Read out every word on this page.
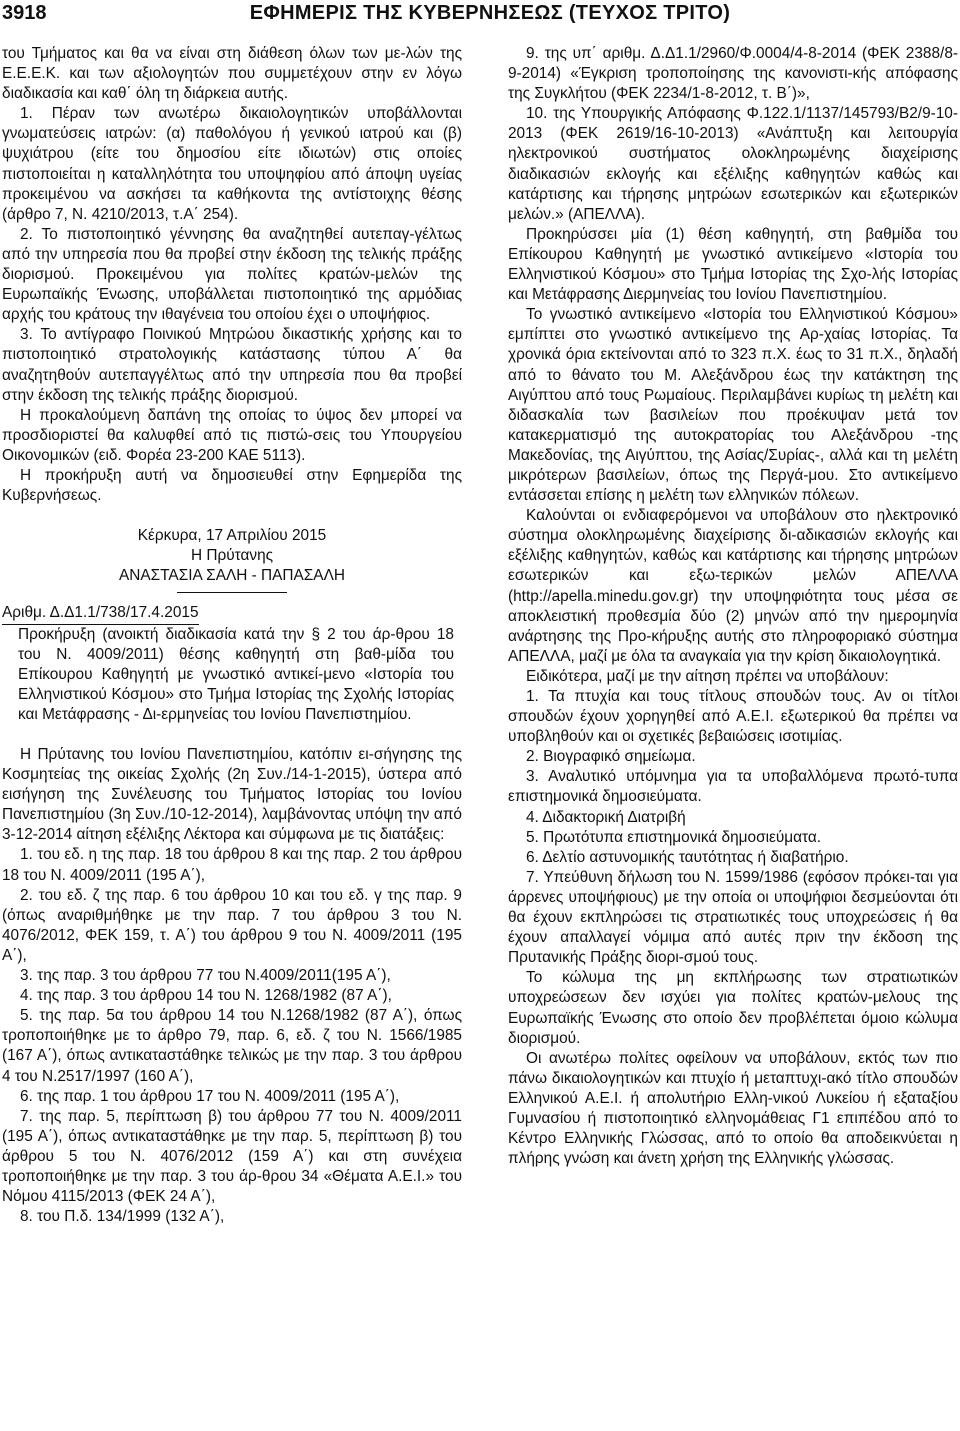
3918	ΕΦΗΜΕΡΙΣ ΤΗΣ ΚΥΒΕΡΝΗΣΕΩΣ (ΤΕΥΧΟΣ ΤΡΙΤΟ)

του Τμήματος και θα να είναι στη διάθεση όλων των με-λών της Ε.Ε.Ε.Κ. και των αξιολογητών που συμμετέχουν στην εν λόγω διαδικασία και καθ΄ όλη τη διάρκεια αυτής.

1. Πέραν των ανωτέρω δικαιολογητικών υποβάλλονται γνωματεύσεις ιατρών: (α) παθολόγου ή γενικού ιατρού και (β) ψυχιάτρου (είτε του δημοσίου είτε ιδιωτών) στις οποίες πιστοποιείται η καταλληλότητα του υποψηφίου από άποψη υγείας προκειμένου να ασκήσει τα καθήκοντα της αντίστοιχης θέσης (άρθρο 7, Ν. 4210/2013, τ.Α΄ 254).

2. Το πιστοποιητικό γέννησης θα αναζητηθεί αυτεπαγ-γέλτως από την υπηρεσία που θα προβεί στην έκδοση της τελικής πράξης διορισμού. Προκειμένου για πολίτες κρατών-μελών της Ευρωπαϊκής Ένωσης, υποβάλλεται πιστοποιητικό της αρμόδιας αρχής του κράτους την ιθαγένεια του οποίου έχει ο υποψήφιος.

3. Το αντίγραφο Ποινικού Μητρώου δικαστικής χρήσης και το πιστοποιητικό στρατολογικής κατάστασης τύπου Α΄ θα αναζητηθούν αυτεπαγγέλτως από την υπηρεσία που θα προβεί στην έκδοση της τελικής πράξης διορισμού.

Η προκαλούμενη δαπάνη της οποίας το ύψος δεν μπορεί να προσδιοριστεί θα καλυφθεί από τις πιστώ-σεις του Υπουργείου Οικονομικών (ειδ. Φορέα 23-200 ΚΑΕ 5113).

Η προκήρυξη αυτή να δημοσιευθεί στην Εφημερίδα της Κυβερνήσεως.

Κέρκυρα, 17 Απριλίου 2015

Η Πρύτανης

ΑΝΑΣΤΑΣΙΑ ΣΑΛΗ - ΠΑΠΑΣΑΛΗ

Αριθμ. Δ.Δ1.1/738/17.4.2015

Προκήρυξη (ανοικτή διαδικασία κατά την § 2 του άρ-θρου 18 του Ν. 4009/2011) θέσης καθηγητή στη βαθ-μίδα του Επίκουρου Καθηγητή με γνωστικό αντικεί-μενο «Ιστορία του Ελληνιστικού Κόσμου» στο Τμήμα Ιστορίας της Σχολής Ιστορίας και Μετάφρασης - Δι-ερμηνείας του Ιονίου Πανεπιστημίου.

Η Πρύτανης του Ιονίου Πανεπιστημίου, κατόπιν ει-σήγησης της Κοσμητείας της οικείας Σχολής (2η Συν./14-1-2015), ύστερα από εισήγηση της Συνέλευσης του Τμήματος Ιστορίας του Ιονίου Πανεπιστημίου (3η Συν./10-12-2014), λαμβάνοντας υπόψη την από 3-12-2014 αίτηση εξέλιξης Λέκτορα και σύμφωνα με τις διατάξεις:

1. του εδ. η της παρ. 18 του άρθρου 8 και της παρ. 2 του άρθρου 18 του Ν. 4009/2011 (195 Α΄),

2. του εδ. ζ της παρ. 6 του άρθρου 10 και του εδ. γ της παρ. 9 (όπως αναριθμήθηκε με την παρ. 7 του άρθρου 3 του Ν. 4076/2012, ΦΕΚ 159, τ. Α΄) του άρθρου 9 του Ν. 4009/2011 (195 Α΄),

3. της παρ. 3 του άρθρου 77 του Ν.4009/2011(195 Α΄),

4. της παρ. 3 του άρθρου 14 του Ν. 1268/1982 (87 Α΄),

5. της παρ. 5α του άρθρου 14 του Ν.1268/1982 (87 Α΄), όπως τροποποιήθηκε με το άρθρο 79, παρ. 6, εδ. ζ του Ν. 1566/1985 (167 Α΄), όπως αντικαταστάθηκε τελικώς με την παρ. 3 του άρθρου 4 του Ν.2517/1997 (160 Α΄),

6. της παρ. 1 του άρθρου 17 του Ν. 4009/2011 (195 Α΄),

7. της παρ. 5, περίπτωση β) του άρθρου 77 του Ν. 4009/2011 (195 Α΄), όπως αντικαταστάθηκε με την παρ. 5, περίπτωση β) του άρθρου 5 του Ν. 4076/2012 (159 Α΄) και στη συνέχεια τροποποιήθηκε με την παρ. 3 του άρ-θρου 34 «Θέματα Α.Ε.Ι.» του Νόμου 4115/2013 (ΦΕΚ 24 Α΄),

8. του Π.δ. 134/1999 (132 Α΄),

9. της υπ΄ αριθμ. Δ.Δ1.1/2960/Φ.0004/4-8-2014 (ΦΕΚ 2388/8-9-2014) «Έγκριση τροποποίησης της κανονιστι-κής απόφασης της Συγκλήτου (ΦΕΚ 2234/1-8-2012, τ. Β΄)»,

10. της Υπουργικής Απόφασης Φ.122.1/1137/145793/Β2/9-10-2013 (ΦΕΚ 2619/16-10-2013) «Ανάπτυξη και λειτουργία ηλεκτρονικού συστήματος ολοκληρωμένης διαχείρισης διαδικασιών εκλογής και εξέλιξης καθηγητών καθώς και κατάρτισης και τήρησης μητρώων εσωτερικών και εξωτερικών μελών.» (ΑΠΕΛΛΑ).

Προκηρύσσει μία (1) θέση καθηγητή, στη βαθμίδα του Επίκουρου Καθηγητή με γνωστικό αντικείμενο «Ιστορία του Ελληνιστικού Κόσμου» στο Τμήμα Ιστορίας της Σχο-λής Ιστορίας και Μετάφρασης Διερμηνείας του Ιονίου Πανεπιστημίου.

Το γνωστικό αντικείμενο «Ιστορία του Ελληνιστικού Κόσμου» εμπίπτει στο γνωστικό αντικείμενο της Αρ-χαίας Ιστορίας. Τα χρονικά όρια εκτείνονται από το 323 π.Χ. έως το 31 π.Χ., δηλαδή από το θάνατο του Μ. Αλεξάνδρου έως την κατάκτηση της Αιγύπτου από τους Ρωμαίους. Περιλαμβάνει κυρίως τη μελέτη και διδασκαλία των βασιλείων που προέκυψαν μετά τον κατακερματισμό της αυτοκρατορίας του Αλεξάνδρου -της Μακεδονίας, της Αιγύπτου, της Ασίας/Συρίας-, αλλά και τη μελέτη μικρότερων βασιλείων, όπως της Περγά-μου. Στο αντικείμενο εντάσσεται επίσης η μελέτη των ελληνικών πόλεων.

Καλούνται οι ενδιαφερόμενοι να υποβάλουν στο ηλεκτρονικό σύστημα ολοκληρωμένης διαχείρισης δι-αδικασιών εκλογής και εξέλιξης καθηγητών, καθώς και κατάρτισης και τήρησης μητρώων εσωτερικών και εξω-τερικών μελών ΑΠΕΛΛΑ (http://apella.minedu.gov.gr) την υποψηφιότητα τους μέσα σε αποκλειστική προθεσμία δύο (2) μηνών από την ημερομηνία ανάρτησης της Προ-κήρυξης αυτής στο πληροφοριακό σύστημα ΑΠΕΛΛΑ, μαζί με όλα τα αναγκαία για την κρίση δικαιολογητικά.

Ειδικότερα, μαζί με την αίτηση πρέπει να υποβάλουν:

1. Τα πτυχία και τους τίτλους σπουδών τους. Αν οι τίτλοι σπουδών έχουν χορηγηθεί από Α.Ε.Ι. εξωτερικού θα πρέπει να υποβληθούν και οι σχετικές βεβαιώσεις ισοτιμίας.

2. Βιογραφικό σημείωμα.

3. Αναλυτικό υπόμνημα για τα υποβαλλόμενα πρωτό-τυπα επιστημονικά δημοσιεύματα.

4. Διδακτορική Διατριβή

5. Πρωτότυπα επιστημονικά δημοσιεύματα.

6. Δελτίο αστυνομικής ταυτότητας ή διαβατήριο.

7. Υπεύθυνη δήλωση του Ν. 1599/1986 (εφόσον πρόκει-ται για άρρενες υποψήφιους) με την οποία οι υποψήφιοι δεσμεύονται ότι θα έχουν εκπληρώσει τις στρατιωτικές τους υποχρεώσεις ή θα έχουν απαλλαγεί νόμιμα από αυτές πριν την έκδοση της Πρυτανικής Πράξης διορι-σμού τους.

Το κώλυμα της μη εκπλήρωσης των στρατιωτικών υποχρεώσεων δεν ισχύει για πολίτες κρατών-μελους της Ευρωπαϊκής Ένωσης στο οποίο δεν προβλέπεται όμοιο κώλυμα διορισμού.

Οι ανωτέρω πολίτες οφείλουν να υποβάλουν, εκτός των πιο πάνω δικαιολογητικών και πτυχίο ή μεταπτυχι-ακό τίτλο σπουδών Ελληνικού Α.Ε.Ι. ή απολυτήριο Ελλη-νικού Λυκείου ή εξαταξίου Γυμνασίου ή πιστοποιητικό ελληνομάθειας Γ1 επιπέδου από το Κέντρο Ελληνικής Γλώσσας, από το οποίο θα αποδεικνύεται η πλήρης γνώση και άνετη χρήση της Ελληνικής γλώσσας.
